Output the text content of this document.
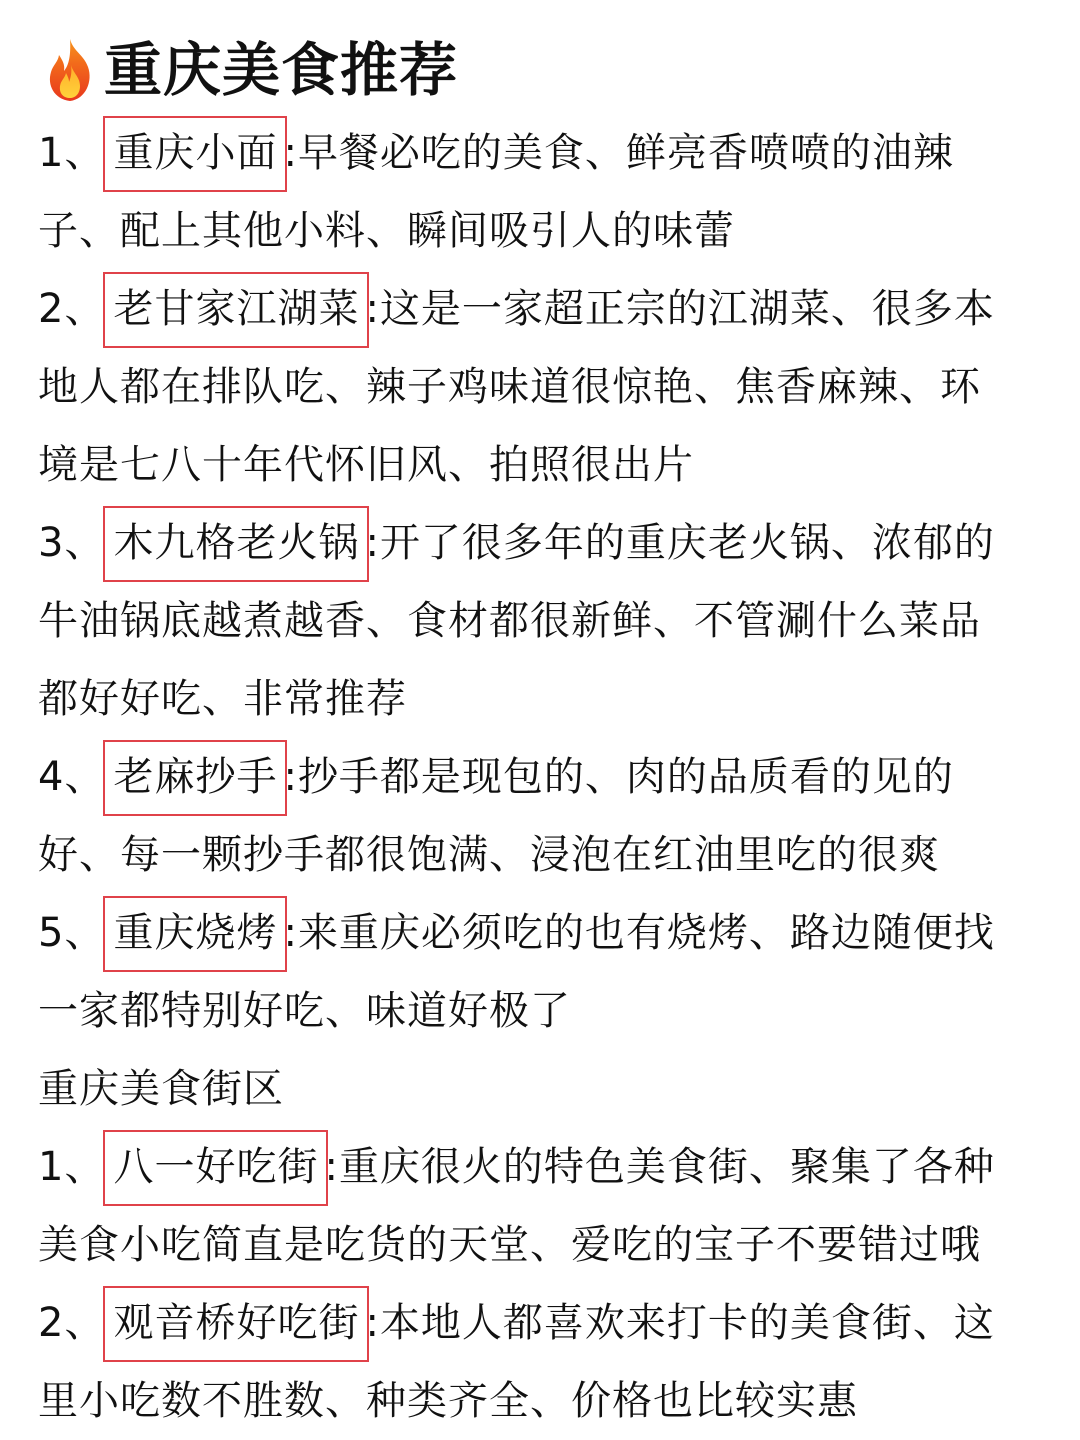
重庆美食推荐
1、 重庆小面 :早餐必吃的美食、鲜亮香喷喷的油辣
子、配上其他小料、瞬间吸引人的味蕾
2、 老甘家江湖菜 :这是一家超正宗的江湖菜、很多本
地人都在排队吃、辣子鸡味道很惊艳、焦香麻辣、环
境是七八十年代怀旧风、拍照很出片
3、 木九格老火锅 :开了很多年的重庆老火锅、浓郁的
牛油锅底越煮越香、食材都很新鲜、不管涮什么菜品
都好好吃、非常推荐
4、 老麻抄手 :抄手都是现包的、肉的品质看的见的
好、每一颗抄手都很饱满、浸泡在红油里吃的很爽
5、 重庆烧烤 :来重庆必须吃的也有烧烤、路边随便找
一家都特别好吃、味道好极了
重庆美食街区
1、 八一好吃街 :重庆很火的特色美食街、聚集了各种
美食小吃简直是吃货的天堂、爱吃的宝子不要错过哦
2、 观音桥好吃街 :本地人都喜欢来打卡的美食街、这
里小吃数不胜数、种类齐全、价格也比较实惠
